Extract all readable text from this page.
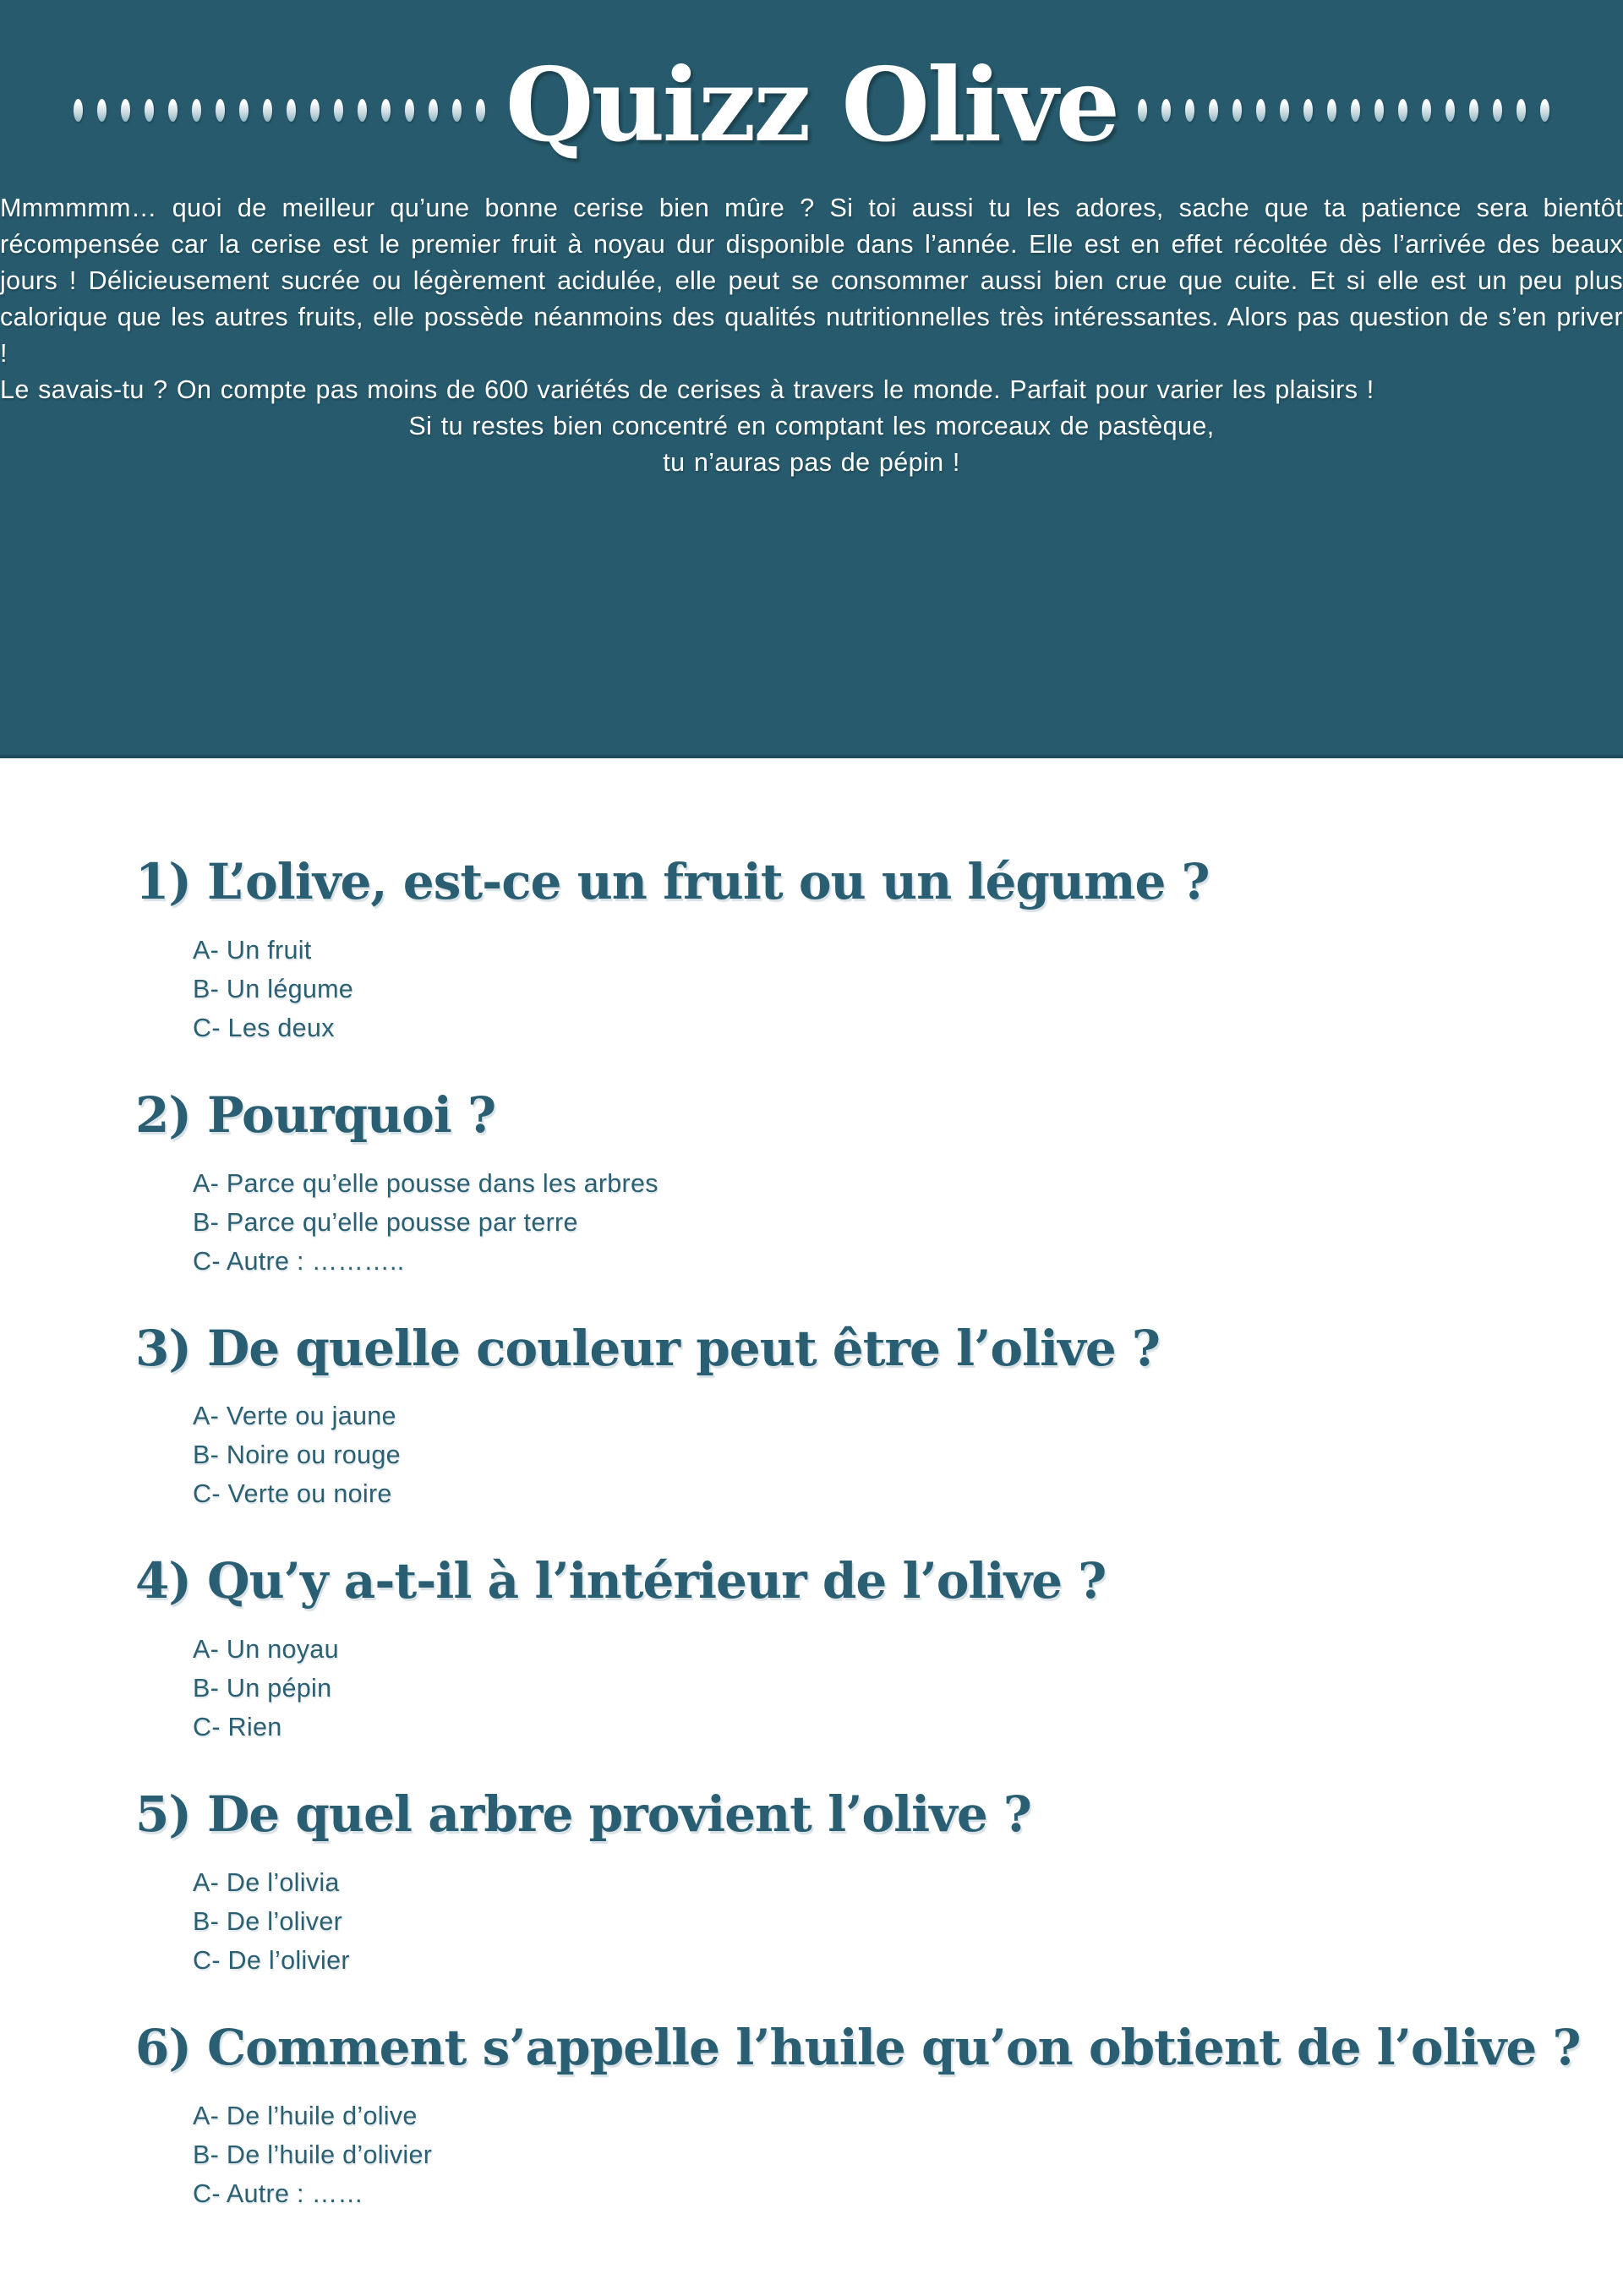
Quizz Olive

Mmmmmm… quoi de meilleur qu’une bonne cerise bien mûre ? Si toi aussi tu les adores, sache que ta patience sera bientôt récompensée car la cerise est le premier fruit à noyau dur disponible dans l’année. Elle est en effet récoltée dès l’arrivée des beaux jours ! Délicieusement sucrée ou légèrement acidulée, elle peut se consommer aussi bien crue que cuite. Et si elle est un peu plus calorique que les autres fruits, elle possède néanmoins des qualités nutritionnelles très intéressantes. Alors pas question de s’en priver !

Le savais-tu ? On compte pas moins de 600 variétés de cerises à travers le monde. Parfait pour varier les plaisirs !

Si tu restes bien concentré en comptant les morceaux de pastèque,
tu n’auras pas de pépin !

1) L’olive, est-ce un fruit ou un légume ?
A- Un fruit
B- Un légume
C- Les deux
2) Pourquoi ?
A- Parce qu’elle pousse dans les arbres
B- Parce qu’elle pousse par terre
C- Autre : ………..
3) De quelle couleur peut être l’olive ?
A- Verte ou jaune
B- Noire ou rouge
C- Verte ou noire
4) Qu’y a-t-il à l’intérieur de l’olive ?
A- Un noyau
B- Un pépin
C- Rien
5) De quel arbre provient l’olive ?
A- De l’olivia
B- De l’oliver
C- De l’olivier
6) Comment s’appelle l’huile qu’on obtient de l’olive ?
A- De l’huile d’olive
B- De l’huile d’olivier
C- Autre : ……
